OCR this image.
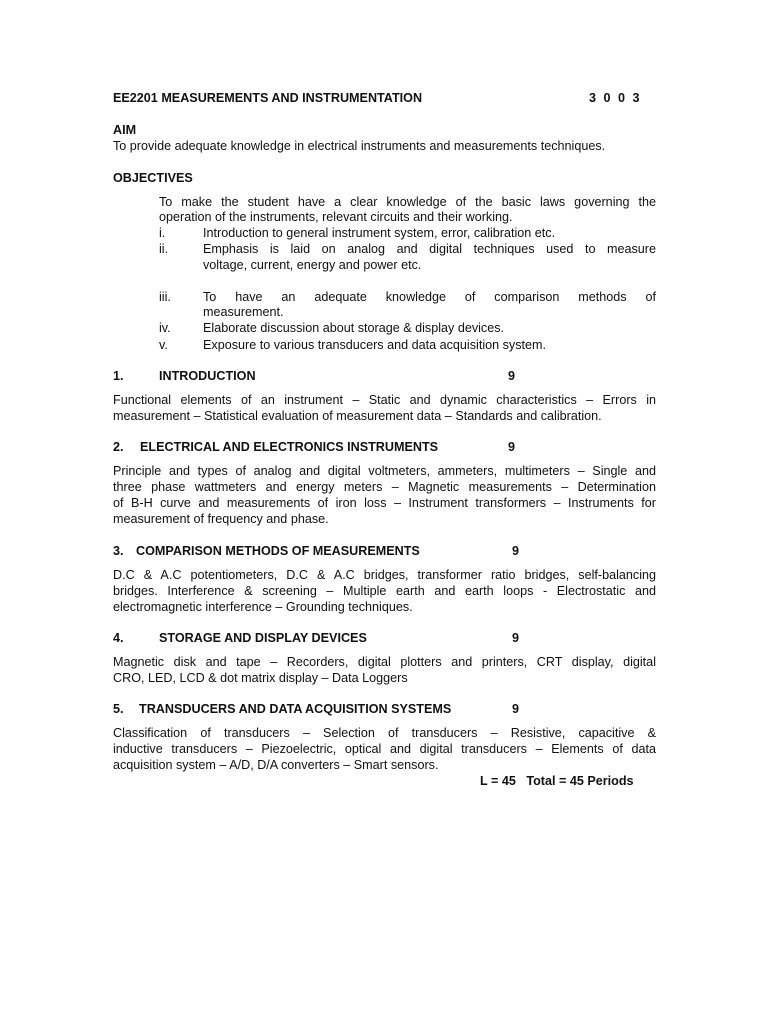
EE2201 MEASUREMENTS AND INSTRUMENTATION	3 0 0 3
AIM
To provide adequate knowledge in electrical instruments and measurements techniques.
OBJECTIVES
To make the student have a clear knowledge of the basic laws governing the
operation of the instruments, relevant circuits and their working.
i.	Introduction to general instrument system, error, calibration etc.
ii.	Emphasis is laid on analog and digital techniques used to measure
voltage, current, energy and power etc.
iii.	To have an adequate knowledge of comparison methods of
measurement.
iv.	Elaborate discussion about storage & display devices.
v.	Exposure to various transducers and data acquisition system.
1.	INTRODUCTION	9
Functional elements of an instrument – Static and dynamic characteristics – Errors in
measurement – Statistical evaluation of measurement data – Standards and calibration.
2. ELECTRICAL AND ELECTRONICS INSTRUMENTS	9
Principle and types of analog and digital voltmeters, ammeters, multimeters – Single and
three phase wattmeters and energy meters – Magnetic measurements – Determination
of B-H curve and measurements of iron loss – Instrument transformers – Instruments for
measurement of frequency and phase.
3. COMPARISON METHODS OF MEASUREMENTS	9
D.C & A.C potentiometers, D.C & A.C bridges, transformer ratio bridges, self-balancing
bridges. Interference & screening – Multiple earth and earth loops - Electrostatic and
electromagnetic interference – Grounding techniques.
4.	STORAGE AND DISPLAY DEVICES	9
Magnetic disk and tape – Recorders, digital plotters and printers, CRT display, digital
CRO, LED, LCD & dot matrix display – Data Loggers
5. TRANSDUCERS AND DATA ACQUISITION SYSTEMS	9
Classification of transducers – Selection of transducers – Resistive, capacitive &
inductive transducers – Piezoelectric, optical and digital transducers – Elements of data
acquisition system – A/D, D/A converters – Smart sensors.
L = 45   Total = 45 Periods
